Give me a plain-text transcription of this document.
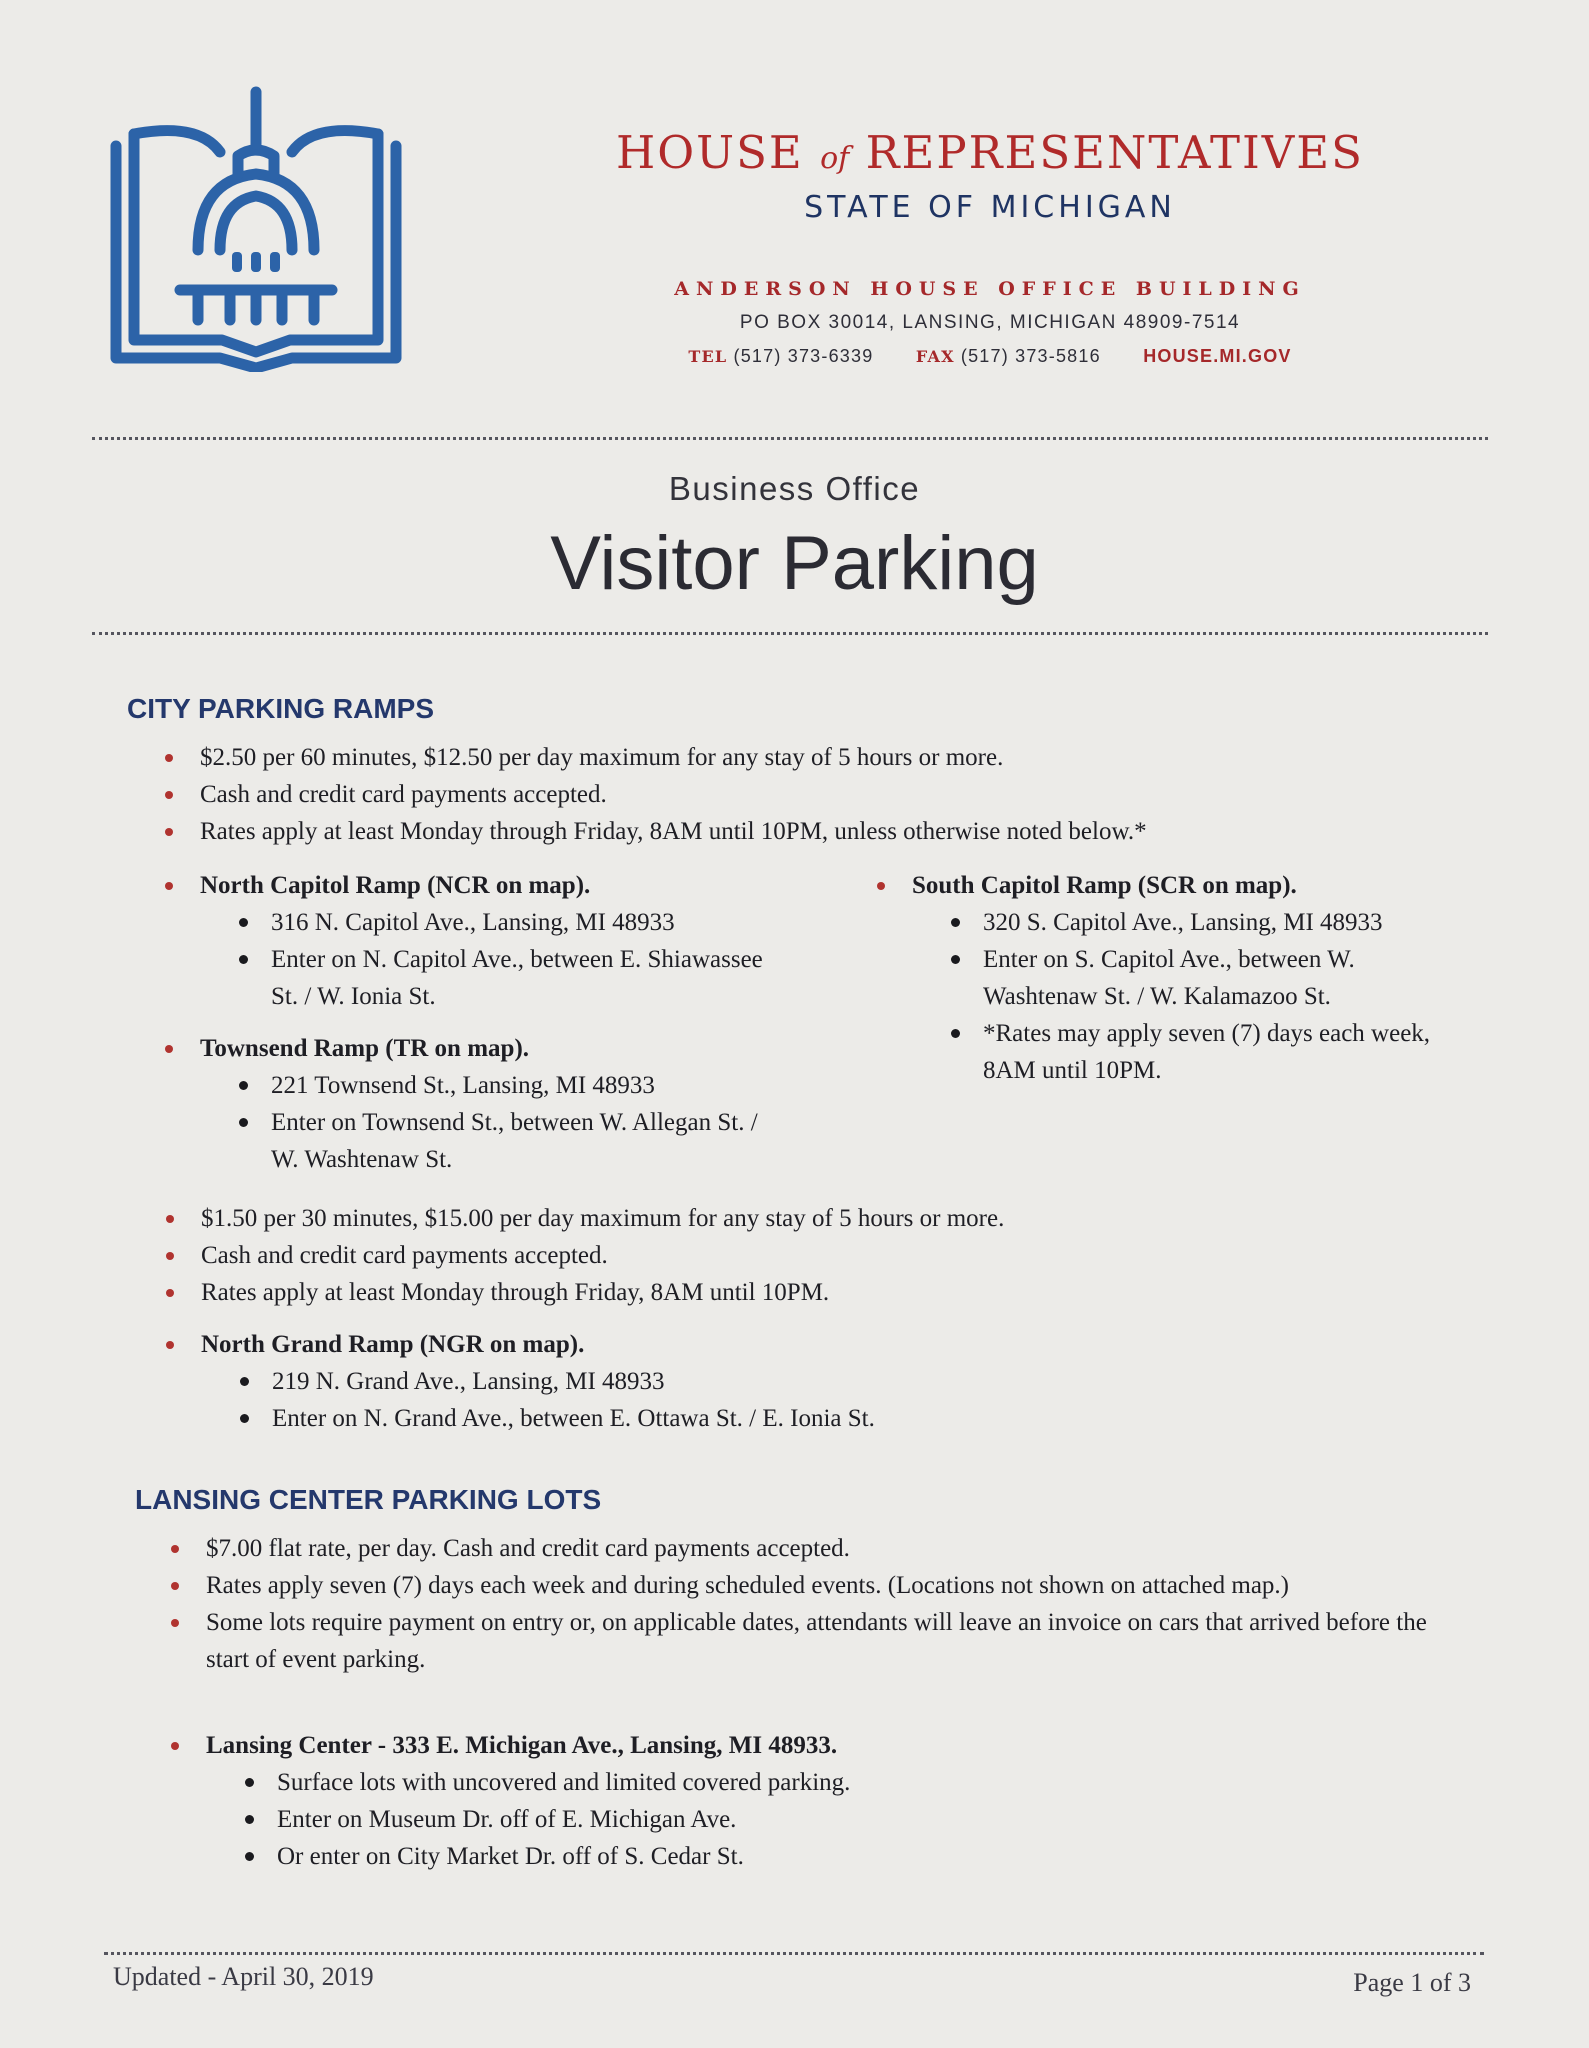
HOUSE of REPRESENTATIVES
STATE OF MICHIGAN
ANDERSON HOUSE OFFICE BUILDING
PO BOX 30014, LANSING, MICHIGAN 48909-7514
TEL (517) 373-6339	FAX (517) 373-5816 HOUSE.MI.GOV
Business Office
Visitor Parking
CITY PARKING RAMPS
$2.50 per 60 minutes, $12.50 per day maximum for any stay of 5 hours or more.
Cash and credit card payments accepted.
Rates apply at least Monday through Friday, 8AM until 10PM, unless otherwise noted below.*
North Capitol Ramp (NCR on map).
316 N. Capitol Ave., Lansing, MI 48933
Enter on N. Capitol Ave., between E. Shiawassee St. / W. Ionia St.
Townsend Ramp (TR on map).
221 Townsend St., Lansing, MI 48933
Enter on Townsend St., between W. Allegan St. / W. Washtenaw St.
South Capitol Ramp (SCR on map).
320 S. Capitol Ave., Lansing, MI 48933
Enter on S. Capitol Ave., between W. Washtenaw St. / W. Kalamazoo St.
*Rates may apply seven (7) days each week, 8AM until 10PM.
$1.50 per 30 minutes, $15.00 per day maximum for any stay of 5 hours or more.
Cash and credit card payments accepted.
Rates apply at least Monday through Friday, 8AM until 10PM.
North Grand Ramp (NGR on map).
219 N. Grand Ave., Lansing, MI 48933
Enter on N. Grand Ave., between E. Ottawa St. / E. Ionia St.
LANSING CENTER PARKING LOTS
$7.00 flat rate, per day. Cash and credit card payments accepted.
Rates apply seven (7) days each week and during scheduled events. (Locations not shown on attached map.)
Some lots require payment on entry or, on applicable dates, attendants will leave an invoice on cars that arrived before the start of event parking.
Lansing Center - 333 E. Michigan Ave., Lansing, MI 48933.
Surface lots with uncovered and limited covered parking.
Enter on Museum Dr. off of E. Michigan Ave.
Or enter on City Market Dr. off of S. Cedar St.
Updated - April 30, 2019	Page 1 of 3
